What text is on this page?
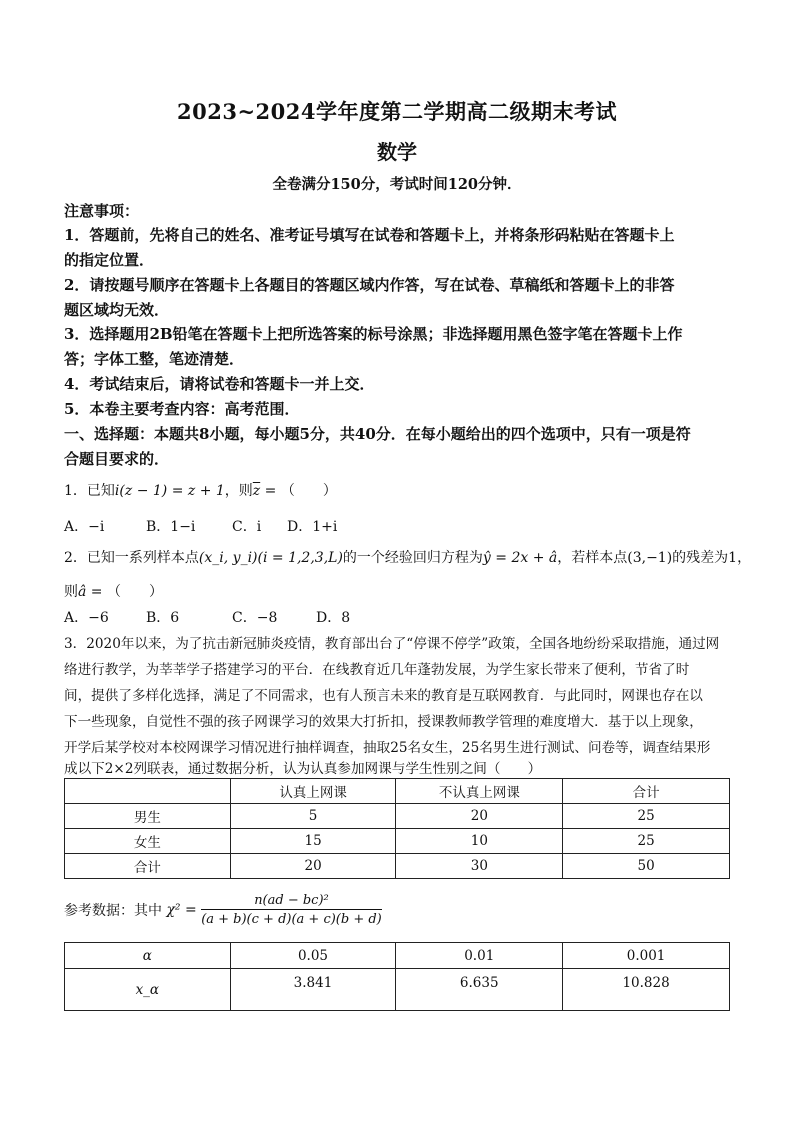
2023~2024学年度第二学期高二级期末考试
数学
全卷满分150分，考试时间120分钟．
注意事项：
1．答题前，先将自己的姓名、准考证号填写在试卷和答题卡上，并将条形码粘贴在答题卡上
的指定位置．
2．请按题号顺序在答题卡上各题目的答题区域内作答，写在试卷、草稿纸和答题卡上的非答
题区域均无效．
3．选择题用2B铅笔在答题卡上把所选答案的标号涂黑；非选择题用黑色签字笔在答题卡上作
答；字体工整，笔迹清楚．
4．考试结束后，请将试卷和答题卡一并上交．
5．本卷主要考查内容：高考范围．
一、选择题：本题共8小题，每小题5分，共40分．在每小题给出的四个选项中，只有一项是符
合题目要求的．
1．已知i(z − 1) = z + 1，则$\overline{z}$ = （　　）
A．−i	B．1−i	C．i D．1+i
2．已知一系列样本点(x_i, y_i)(i = 1,2,3,L)的一个经验回归方程为ŷ = 2x + â，若样本点(3,−1)的残差为1，
则â = （　　）
A．−6	B．6	C．−8	D．8
3．2020年以来，为了抗击新冠肺炎疫情，教育部出台了“停课不停学”政策，全国各地纷纷采取措施，通过网
络进行教学，为莘莘学子搭建学习的平台．在线教育近几年蓬勃发展，为学生家长带来了便利，节省了时
间，提供了多样化选择，满足了不同需求，也有人预言未来的教育是互联网教育．与此同时，网课也存在以
下一些现象，自觉性不强的孩子网课学习的效果大打折扣，授课教师教学管理的难度增大．基于以上现象，
开学后某学校对本校网课学习情况进行抽样调查，抽取25名女生，25名男生进行测试、问卷等，调查结果形
成以下2×2列联表，通过数据分析，认为认真参加网课与学生性别之间（　　）
	认真上网课	不认真上网课	合计
男生	5	20	25
女生	15	10	25
合计	20	30	50
参考数据：其中 $\chi^2 = \frac{\text{n(ad − bc)²}}{(a + b)(c + d)(a + c)(b + d)}$
α	0.05	0.01	0.001
x_α	3.841	6.635	10.828
